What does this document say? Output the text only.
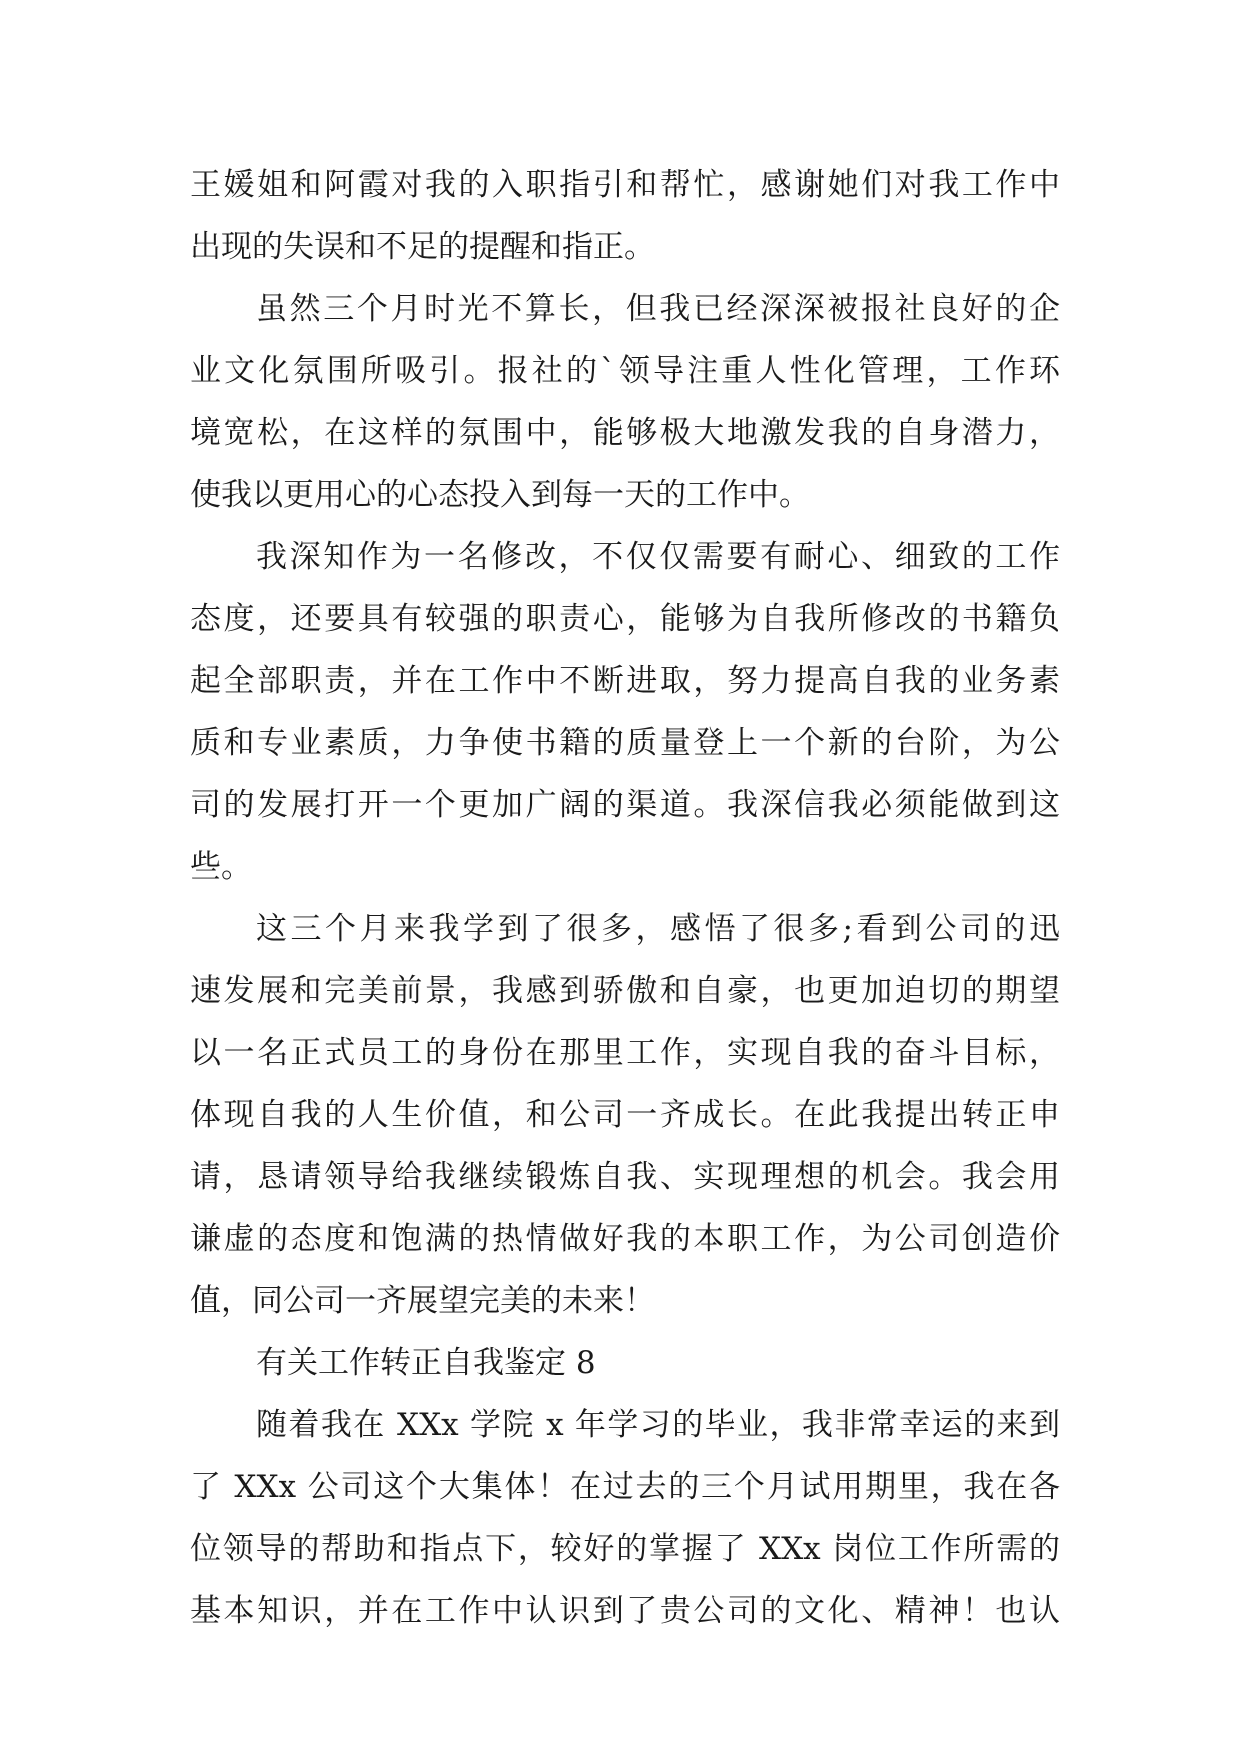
王媛姐和阿霞对我的入职指引和帮忙，感谢她们对我工作中
出现的失误和不足的提醒和指正。
虽然三个月时光不算长，但我已经深深被报社良好的企
业文化氛围所吸引。报社的`领导注重人性化管理，工作环
境宽松，在这样的氛围中，能够极大地激发我的自身潜力，
使我以更用心的心态投入到每一天的工作中。
我深知作为一名修改，不仅仅需要有耐心、细致的工作
态度，还要具有较强的职责心，能够为自我所修改的书籍负
起全部职责，并在工作中不断进取，努力提高自我的业务素
质和专业素质，力争使书籍的质量登上一个新的台阶，为公
司的发展打开一个更加广阔的渠道。我深信我必须能做到这
些。
这三个月来我学到了很多，感悟了很多;看到公司的迅
速发展和完美前景，我感到骄傲和自豪，也更加迫切的期望
以一名正式员工的身份在那里工作，实现自我的奋斗目标，
体现自我的人生价值，和公司一齐成长。在此我提出转正申
请，恳请领导给我继续锻炼自我、实现理想的机会。我会用
谦虚的态度和饱满的热情做好我的本职工作，为公司创造价
值，同公司一齐展望完美的未来！
有关工作转正自我鉴定 8
随着我在 XXx 学院 x 年学习的毕业，我非常幸运的来到
了 XXx 公司这个大集体！在过去的三个月试用期里，我在各
位领导的帮助和指点下，较好的掌握了 XXx 岗位工作所需的
基本知识，并在工作中认识到了贵公司的文化、精神！也认
